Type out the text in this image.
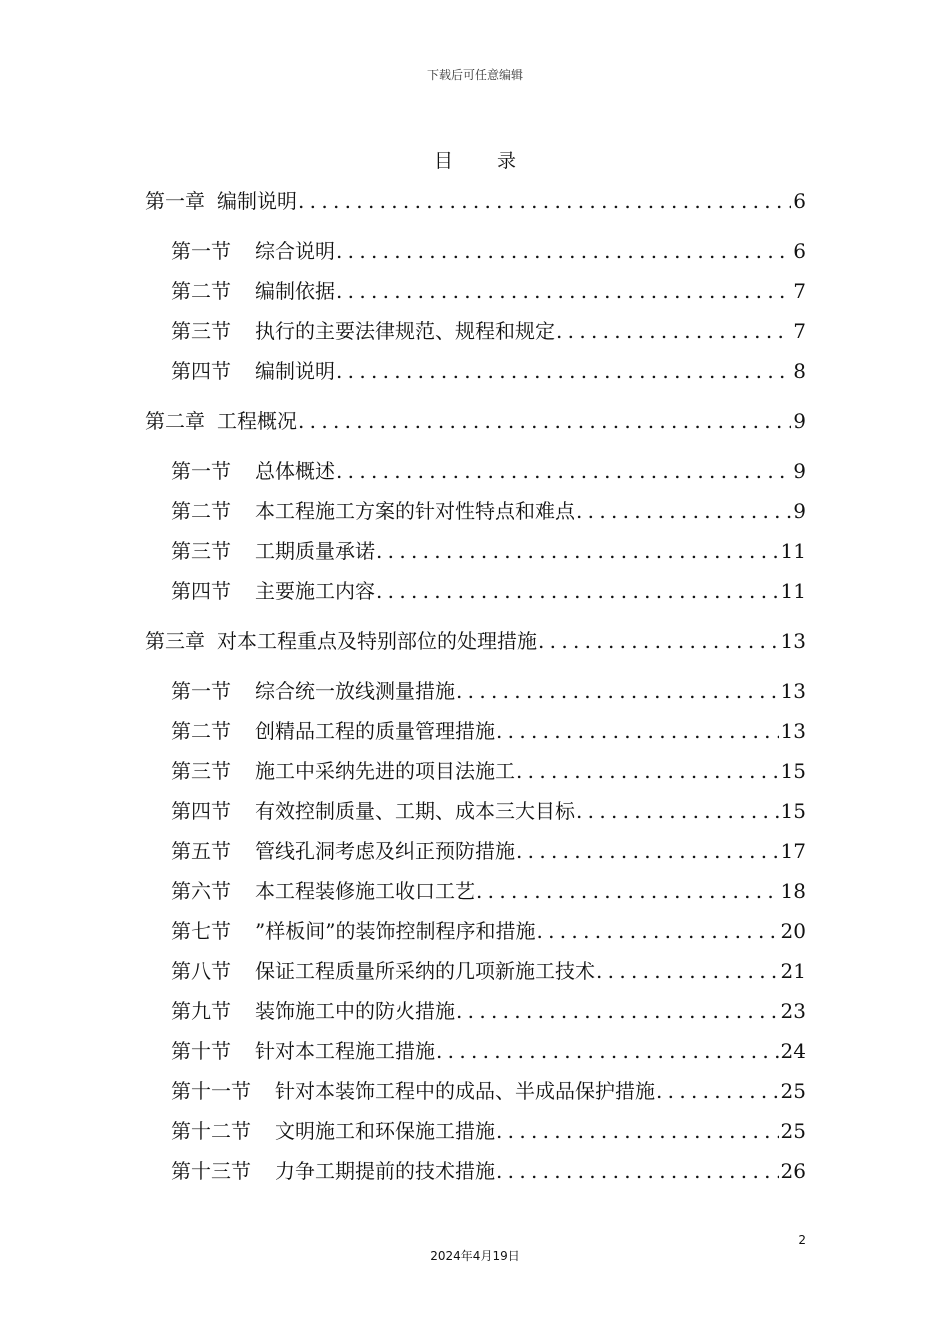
下载后可任意编辑
目录
第一章 编制说明 .....	6
第一节 综合说明 .....	6
第二节 编制依据 .....	7
第三节 执行的主要法律规范、规程和规定 .....	7
第四节 编制说明 .....	8
第二章 工程概况 .....	9
第一节 总体概述 .....	9
第二节 本工程施工方案的针对性特点和难点 .....	9
第三节 工期质量承诺 .....	11
第四节 主要施工内容 .....	11
第三章 对本工程重点及特别部位的处理措施 .....	13
第一节 综合统一放线测量措施 .....	13
第二节 创精品工程的质量管理措施 .....	13
第三节 施工中采纳先进的项目法施工 .....	15
第四节 有效控制质量、工期、成本三大目标 .....	15
第五节 管线孔洞考虑及纠正预防措施 .....	17
第六节 本工程装修施工收口工艺 .....	18
第七节 ”样板间”的装饰控制程序和措施 .....	20
第八节 保证工程质量所采纳的几项新施工技术 .....	21
第九节 装饰施工中的防火措施 .....	23
第十节 针对本工程施工措施 .....	24
第十一节 针对本装饰工程中的成品、半成品保护措施 .....	25
第十二节 文明施工和环保施工措施 .....	25
第十三节 力争工期提前的技术措施 .....	26
2
2024年4月19日
